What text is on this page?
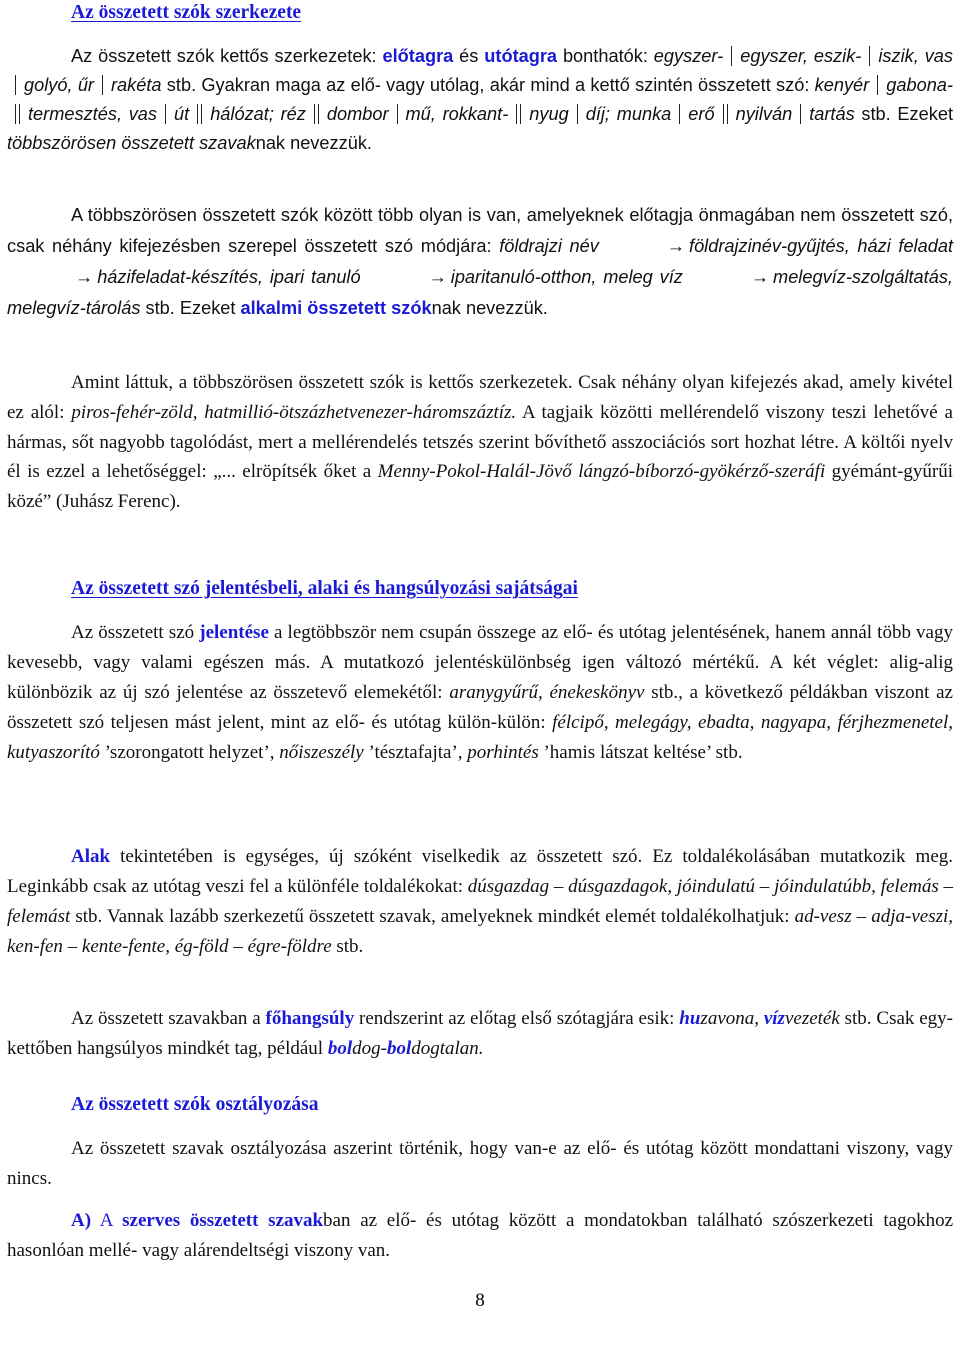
Az összetett szók szerkezete

Az összetett szók kettős szerkezetek: előtagra és utótagra bonthatók: egyszer- egyszer, eszik- iszik, vasgolyó, űr rakéta stb. Gyakran maga az elő- vagy utólag, akár mind a kettő szintén összetett szó: kenyér gabona-termesztés, vas út hálózat; réz dombor mű, rokkant- nyug díj; munka erő nyilván tartás stb. Ezeket többszörösen összetett szavaknak nevezzük.

A többszörösen összetett szók között több olyan is van, amelyeknek előtagja önmagában nem összetett szó, csak néhány kifejezésben szerepel összetett szó módjára: földrajzi név	→ földrajzinév-gyűjtés, házi feladat→ házifeladat-készítés, ipari tanuló	→ iparitanuló-otthon, meleg víz	→ melegvíz-szolgáltatás, melegvíz-tárolás stb. Ezeket alkalmi összetett szóknak nevezzük.

Amint láttuk, a többszörösen összetett szók is kettős szerkezetek. Csak néhány olyan kifejezés akad, amely kivétel ez alól: piros-fehér-zöld, hatmillió-ötszázhetvenezer-háromszáztíz. A tagjaik közötti mellérendelő viszony teszi lehetővé a hármas, sőt nagyobb tagolódást, mert a mellérendelés tetszés szerint bővíthető asszociációs sort hozhat létre. A költői nyelv él is ezzel a lehetőséggel: „... elröpítsék őket a Menny-Pokol-Halál-Jövő lángzó-bíborzó-gyökérző-szeráfi gyémánt-gyűrűi közé” (Juhász Ferenc).

Az összetett szó jelentésbeli, alaki és hangsúlyozási sajátságai

Az összetett szó jelentése a legtöbbször nem csupán összege az elő- és utótag jelentésének, hanem annál több vagy kevesebb, vagy valami egészen más. A mutatkozó jelentéskülönbség igen változó mértékű. A két véglet: alig-alig különbözik az új szó jelentése az összetevő elemekétől: aranygyűrű, énekeskönyv stb., a következő példákban viszont az összetett szó teljesen mást jelent, mint az elő- és utótag külön-külön: félcipő, melegágy, ebadta, nagyapa, férjhezmenetel, kutyaszorító ’szorongatott helyzet’, nőiszeszély ’tésztafajta’, porhintés ’hamis látszat keltése’ stb.

Alak tekintetében is egységes, új szóként viselkedik az összetett szó. Ez toldalékolásában mutatkozik meg. Leginkább csak az utótag veszi fel a különféle toldalékokat: dúsgazdag – dúsgazdagok, jóindulatú – jóindulatúbb, felemás – felemást stb. Vannak lazább szerkezetű összetett szavak, amelyeknek mindkét elemét toldalékolhatjuk: ad-vesz – adja-veszi, ken-fen – kente-fente, ég-föld – égre-földre stb.

Az összetett szavakban a főhangsúly rendszerint az előtag első szótagjára esik: huzavona, vízvezeték stb. Csak egy-kettőben hangsúlyos mindkét tag, például boldog-boldogtalan.

Az összetett szók osztályozása

Az összetett szavak osztályozása aszerint történik, hogy van-e az elő- és utótag között mondattani viszony, vagy nincs.

A) A szerves összetett szavakban az elő- és utótag között a mondatokban található szószerkezeti tagokhoz hasonlóan mellé- vagy alárendeltségi viszony van.

8
